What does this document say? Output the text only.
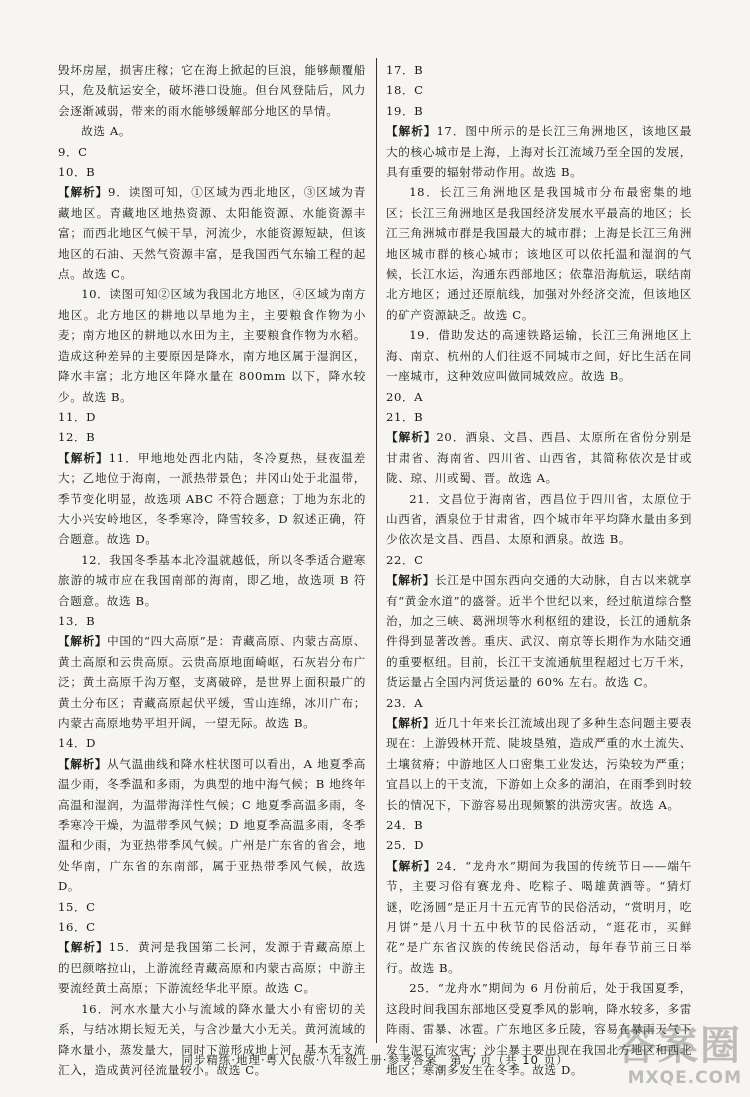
毁坏房屋，损害庄稼；它在海上掀起的巨浪，能够颠覆船只，危及航运安全，破坏港口设施。但台风登陆后，风力会逐渐减弱，带来的雨水能够缓解部分地区的旱情。

故选 A。

9．C

10．B

【解析】9．读图可知，①区域为西北地区，③区域为青藏地区。青藏地区地热资源、太阳能资源、水能资源丰富；而西北地区气候干旱，河流少，水能资源短缺，但该地区的石油、天然气资源丰富，是我国西气东输工程的起点。故选 C。

10．读图可知②区域为我国北方地区，④区域为南方地区。北方地区的耕地以旱地为主，主要粮食作物为小麦；南方地区的耕地以水田为主，主要粮食作物为水稻。造成这种差异的主要原因是降水，南方地区属于湿润区，降水丰富；北方地区年降水量在 800mm 以下，降水较少。故选 B。

11．D

12．B

【解析】11．甲地地处西北内陆，冬冷夏热，昼夜温差大；乙地位于海南，一派热带景色；井冈山处于北温带，季节变化明显，故选项 ABC 不符合题意；丁地为东北的大小兴安岭地区，冬季寒冷，降雪较多，D 叙述正确，符合题意。故选 D。

12．我国冬季基本北冷温就越低，所以冬季适合避寒旅游的城市应在我国南部的海南，即乙地，故选项 B 符合题意。故选 B。

13．B

【解析】中国的“四大高原”是：青藏高原、内蒙古高原、黄土高原和云贵高原。云贵高原地面崎岖，石灰岩分布广泛；黄土高原千沟万壑，支离破碎，是世界上面积最广的黄土分布区；青藏高原起伏平缓，雪山连绵，冰川广布；内蒙古高原地势平坦开阔，一望无际。故选 B。

14．D

【解析】从气温曲线和降水柱状图可以看出，A 地夏季高温少雨，冬季温和多雨，为典型的地中海气候；B 地终年高温和湿润，为温带海洋性气候；C 地夏季高温多雨，冬季寒冷干燥，为温带季风气候；D 地夏季高温多雨，冬季温和少雨，为亚热带季风气候。广州是广东省的省会，地处华南，广东省的东南部，属于亚热带季风气候，故选 D。

15．C

16．C

【解析】15．黄河是我国第二长河，发源于青藏高原上的巴颜喀拉山，上游流经青藏高原和内蒙古高原；中游主要流经黄土高原；下游流经华北平原。故选 C。

16．河水水量大小与流域的降水量大小有密切的关系，与结冰期长短无关，与含沙量大小无关。黄河流域的降水量小，蒸发量大，同时下游形成地上河，基本无支流汇入，造成黄河径流量较小。故选 C。

17．B

18．C

19．B

【解析】17．图中所示的是长江三角洲地区，该地区最大的核心城市是上海，上海对长江流域乃至全国的发展，具有重要的辐射带动作用。故选 B。

18．长江三角洲地区是我国城市分布最密集的地区；长江三角洲地区是我国经济发展水平最高的地区；长江三角洲城市群是我国最大的城市群；上海是长江三角洲地区城市群的核心城市；该地区可以依托温和湿润的气候，长江水运，沟通东西部地区；依靠沿海航运，联结南北方地区；通过还原航线，加强对外经济交流，但该地区的矿产资源缺乏。故选 C。

19．借助发达的高速铁路运输，长江三角洲地区上海、南京、杭州的人们往返不同城市之间，好比生活在同一座城市，这种效应叫做同城效应。故选 B。

20．A

21．B

【解析】20．酒泉、文昌、西昌、太原所在省份分别是甘肃省、海南省、四川省、山西省，其简称依次是甘或陇、琼、川或蜀、晋。故选 A。

21．文昌位于海南省，西昌位于四川省，太原位于山西省，酒泉位于甘肃省，四个城市年平均降水量由多到少依次是文昌、西昌、太原和酒泉。故选 B。

22．C

【解析】长江是中国东西向交通的大动脉，自古以来就享有“黄金水道”的盛誉。近半个世纪以来，经过航道综合整治，加之三峡、葛洲坝等水利枢纽的建设，长江的通航条件得到显著改善。重庆、武汉、南京等长期作为水陆交通的重要枢纽。目前，长江干支流通航里程超过七万千米，货运量占全国内河货运量的 60% 左右。故选 C。

23．A

【解析】近几十年来长江流域出现了多种生态问题主要表现在：上游毁林开荒、陡坡垦殖，造成严重的水土流失、土壤贫瘠；中游地区人口密集工业发达，污染较为严重；宜昌以上的干支流，下游如上众多的湖泊，在雨季到时较长的情况下，下游容易出现频繁的洪涝灾害。故选 A。

24．B

25．D

【解析】24．“龙舟水”期间为我国的传统节日——端午节，主要习俗有赛龙舟、吃粽子、喝雄黄酒等。“猜灯谜，吃汤圆”是正月十五元宵节的民俗活动，“赏明月，吃月饼”是八月十五中秋节的民俗活动，“逛花市，买鲜花”是广东省汉族的传统民俗活动，每年春节前三日举行。故选 B。

25．“龙舟水”期间为 6 月份前后，处于我国夏季，这段时间我国东部地区受夏季风的影响，降水较多，多雷阵雨、雷暴、冰雹。广东地区多丘陵，容易在暴雨天气下发生泥石流灾害；沙尘暴主要出现在我国北方地区和西北地区；寒潮多发生在冬季。故选 D。

同步精练·地理·粤人民版·八年级上册·参考答案　第 7 页（共 10 页）	答案圈
MXQE.COM
